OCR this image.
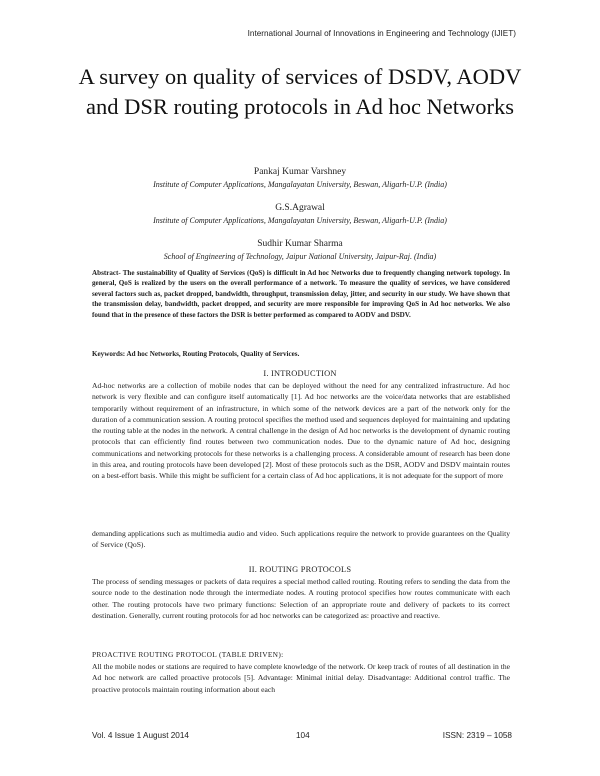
International Journal of Innovations in Engineering and Technology (IJIET)
A survey on quality of services of DSDV, AODV and DSR routing protocols in Ad hoc Networks
Pankaj Kumar Varshney
Institute of Computer Applications, Mangalayatan University, Beswan, Aligarh-U.P. (India)
G.S.Agrawal
Institute of Computer Applications, Mangalayatan University, Beswan, Aligarh-U.P. (India)
Sudhir Kumar Sharma
School of Engineering of Technology, Jaipur National University, Jaipur-Raj. (India)
Abstract- The sustainability of Quality of Services (QoS) is difficult in Ad hoc Networks due to frequently changing network topology. In general, QoS is realized by the users on the overall performance of a network. To measure the quality of services, we have considered several factors such as, packet dropped, bandwidth, throughput, transmission delay, jitter, and security in our study. We have shown that the transmission delay, bandwidth, packet dropped, and security are more responsible for improving QoS in Ad hoc networks. We also found that in the presence of these factors the DSR is better performed as compared to AODV and DSDV.
Keywords: Ad hoc Networks, Routing Protocols, Quality of Services.
I. INTRODUCTION
Ad-hoc networks are a collection of mobile nodes that can be deployed without the need for any centralized infrastructure. Ad hoc network is very flexible and can configure itself automatically [1]. Ad hoc networks are the voice/data networks that are established temporarily without requirement of an infrastructure, in which some of the network devices are a part of the network only for the duration of a communication session. A routing protocol specifies the method used and sequences deployed for maintaining and updating the routing table at the nodes in the network. A central challenge in the design of Ad hoc networks is the development of dynamic routing protocols that can efficiently find routes between two communication nodes. Due to the dynamic nature of Ad hoc, designing communications and networking protocols for these networks is a challenging process. A considerable amount of research has been done in this area, and routing protocols have been developed [2]. Most of these protocols such as the DSR, AODV and DSDV maintain routes on a best-effort basis. While this might be sufficient for a certain class of Ad hoc applications, it is not adequate for the support of more
demanding applications such as multimedia audio and video. Such applications require the network to provide guarantees on the Quality of Service (QoS).
II. ROUTING PROTOCOLS
The process of sending messages or packets of data requires a special method called routing. Routing refers to sending the data from the source node to the destination node through the intermediate nodes. A routing protocol specifies how routes communicate with each other. The routing protocols have two primary functions: Selection of an appropriate route and delivery of packets to its correct destination. Generally, current routing protocols for ad hoc networks can be categorized as: proactive and reactive.
PROACTIVE ROUTING PROTOCOL (TABLE DRIVEN):
All the mobile nodes or stations are required to have complete knowledge of the network. Or keep track of routes of all destination in the Ad hoc network are called proactive protocols [5]. Advantage: Minimal initial delay. Disadvantage: Additional control traffic. The proactive protocols maintain routing information about each
Vol. 4 Issue 1 August 2014	104	ISSN: 2319 – 1058
